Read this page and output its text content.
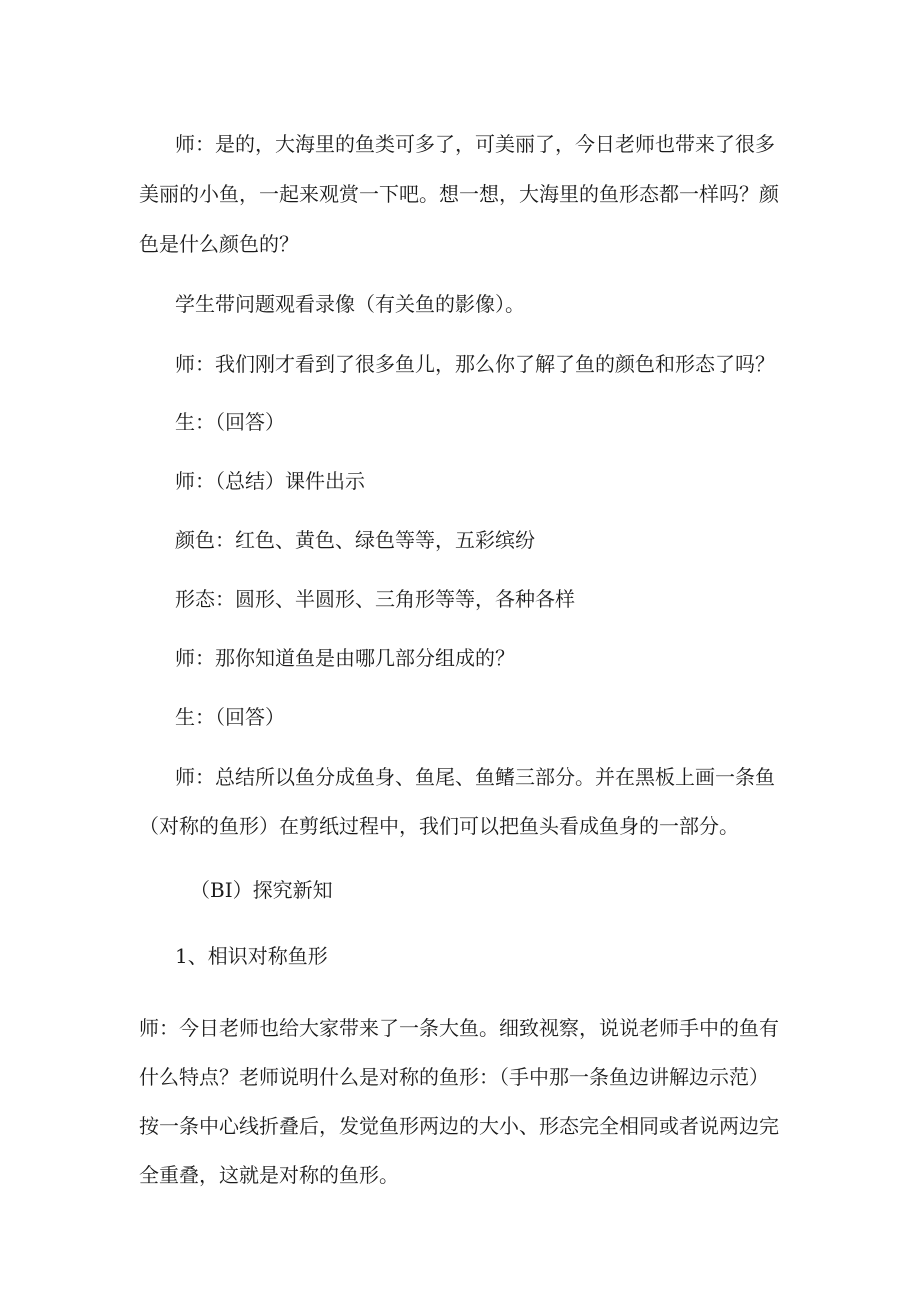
师：是的，大海里的鱼类可多了，可美丽了，今日老师也带来了很多
美丽的小鱼，一起来观赏一下吧。想一想，大海里的鱼形态都一样吗？颜
色是什么颜色的？
学生带问题观看录像（有关鱼的影像）。
师：我们刚才看到了很多鱼儿，那么你了解了鱼的颜色和形态了吗？
生：（回答）
师：（总结）课件出示
颜色：红色、黄色、绿色等等，五彩缤纷
形态：圆形、半圆形、三角形等等，各种各样
师：那你知道鱼是由哪几部分组成的？
生：（回答）
师：总结所以鱼分成鱼身、鱼尾、鱼鳍三部分。并在黑板上画一条鱼
（对称的鱼形）在剪纸过程中，我们可以把鱼头看成鱼身的一部分。
（BI）探究新知
1、相识对称鱼形
师：今日老师也给大家带来了一条大鱼。细致视察，说说老师手中的鱼有
什么特点？老师说明什么是对称的鱼形：（手中那一条鱼边讲解边示范）
按一条中心线折叠后，发觉鱼形两边的大小、形态完全相同或者说两边完
全重叠，这就是对称的鱼形。
